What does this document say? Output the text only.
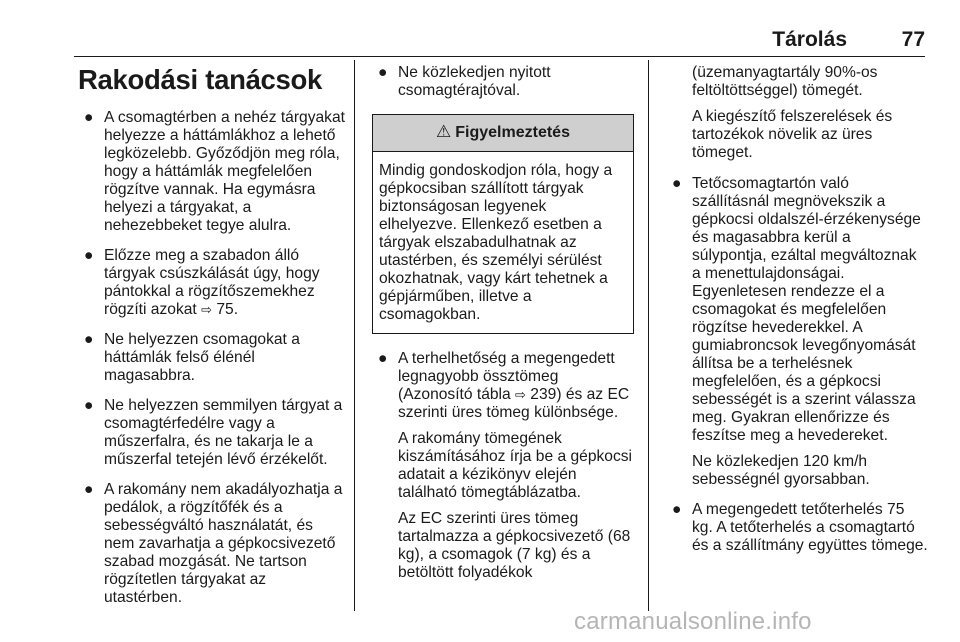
Tárolás	77
Rakodási tanácsok
● A csomagtérben a nehéz tárgyakat helyezze a háttámlákhoz a lehető legközelebb. Győződjön meg róla, hogy a háttámlák megfelelően rögzítve vannak. Ha egymásra helyezi a tárgyakat, a nehezebbeket tegye alulra.
● Előzze meg a szabadon álló tárgyak csúszkálását úgy, hogy pántokkal a rögzítőszemekhez rögzíti azokat ⇨ 75.
● Ne helyezzen csomagokat a háttámlák felső élénél magasabbra.
● Ne helyezzen semmilyen tárgyat a csomagtérfedélre vagy a műszerfalra, és ne takarja le a műszerfal tetején lévő érzékelőt.
● A rakomány nem akadályozhatja a pedálok, a rögzítőfék és a sebességváltó használatát, és nem zavarhatja a gépkocsivezető szabad mozgását. Ne tartson rögzítetlen tárgyakat az utastérben.
● Ne közlekedjen nyitott csomagtérajtóval.
⚠ Figyelmeztetés
Mindig gondoskodjon róla, hogy a gépkocsiban szállított tárgyak biztonságosan legyenek elhelyezve. Ellenkező esetben a tárgyak elszabadulhatnak az utastérben, és személyi sérülést okozhatnak, vagy kárt tehetnek a gépjárműben, illetve a csomagokban.
● A terhelhetőség a megengedett legnagyobb össztömeg (Azonosító tábla ⇨ 239) és az EC szerinti üres tömeg különbsége.

A rakomány tömegének kiszámításához írja be a gépkocsi adatait a kézikönyv elején található tömegtáblázatba.

Az EC szerinti üres tömeg tartalmazza a gépkocsivezető (68 kg), a csomagok (7 kg) és a betöltött folyadékok

(üzemanyagtartály 90%-os feltöltöttséggel) tömegét.

A kiegészítő felszerelések és tartozékok növelik az üres tömeget.

● Tetőcsomagtartón való szállításnál megnövekszik a gépkocsi oldalszél-érzékenysége és magasabbra kerül a súlypontja, ezáltal megváltoznak a menettulajdonságai. Egyenletesen rendezze el a csomagokat és megfelelően rögzítse hevederekkel. A gumiabroncsok levegőnyomását állítsa be a terhelésnek megfelelően, és a gépkocsi sebességét is a szerint válassza meg. Gyakran ellenőrizze és feszítse meg a hevedereket.

Ne közlekedjen 120 km/h sebességnél gyorsabban.

● A megengedett tetőterhelés 75 kg. A tetőterhelés a csomagtartó és a szállítmány együttes tömege.

carmanualsonline.info
